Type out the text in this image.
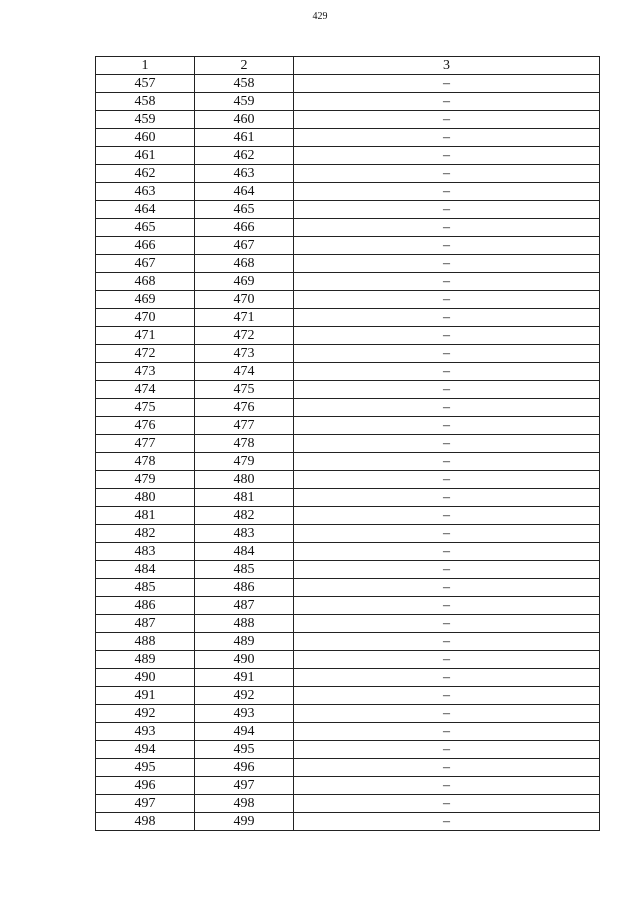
429
1	2	3
457	458	–
458	459	–
459	460	–
460	461	–
461	462	–
462	463	–
463	464	–
464	465	–
465	466	–
466	467	–
467	468	–
468	469	–
469	470	–
470	471	–
471	472	–
472	473	–
473	474	–
474	475	–
475	476	–
476	477	–
477	478	–
478	479	–
479	480	–
480	481	–
481	482	–
482	483	–
483	484	–
484	485	–
485	486	–
486	487	–
487	488	–
488	489	–
489	490	–
490	491	–
491	492	–
492	493	–
493	494	–
494	495	–
495	496	–
496	497	–
497	498	–
498	499	–
